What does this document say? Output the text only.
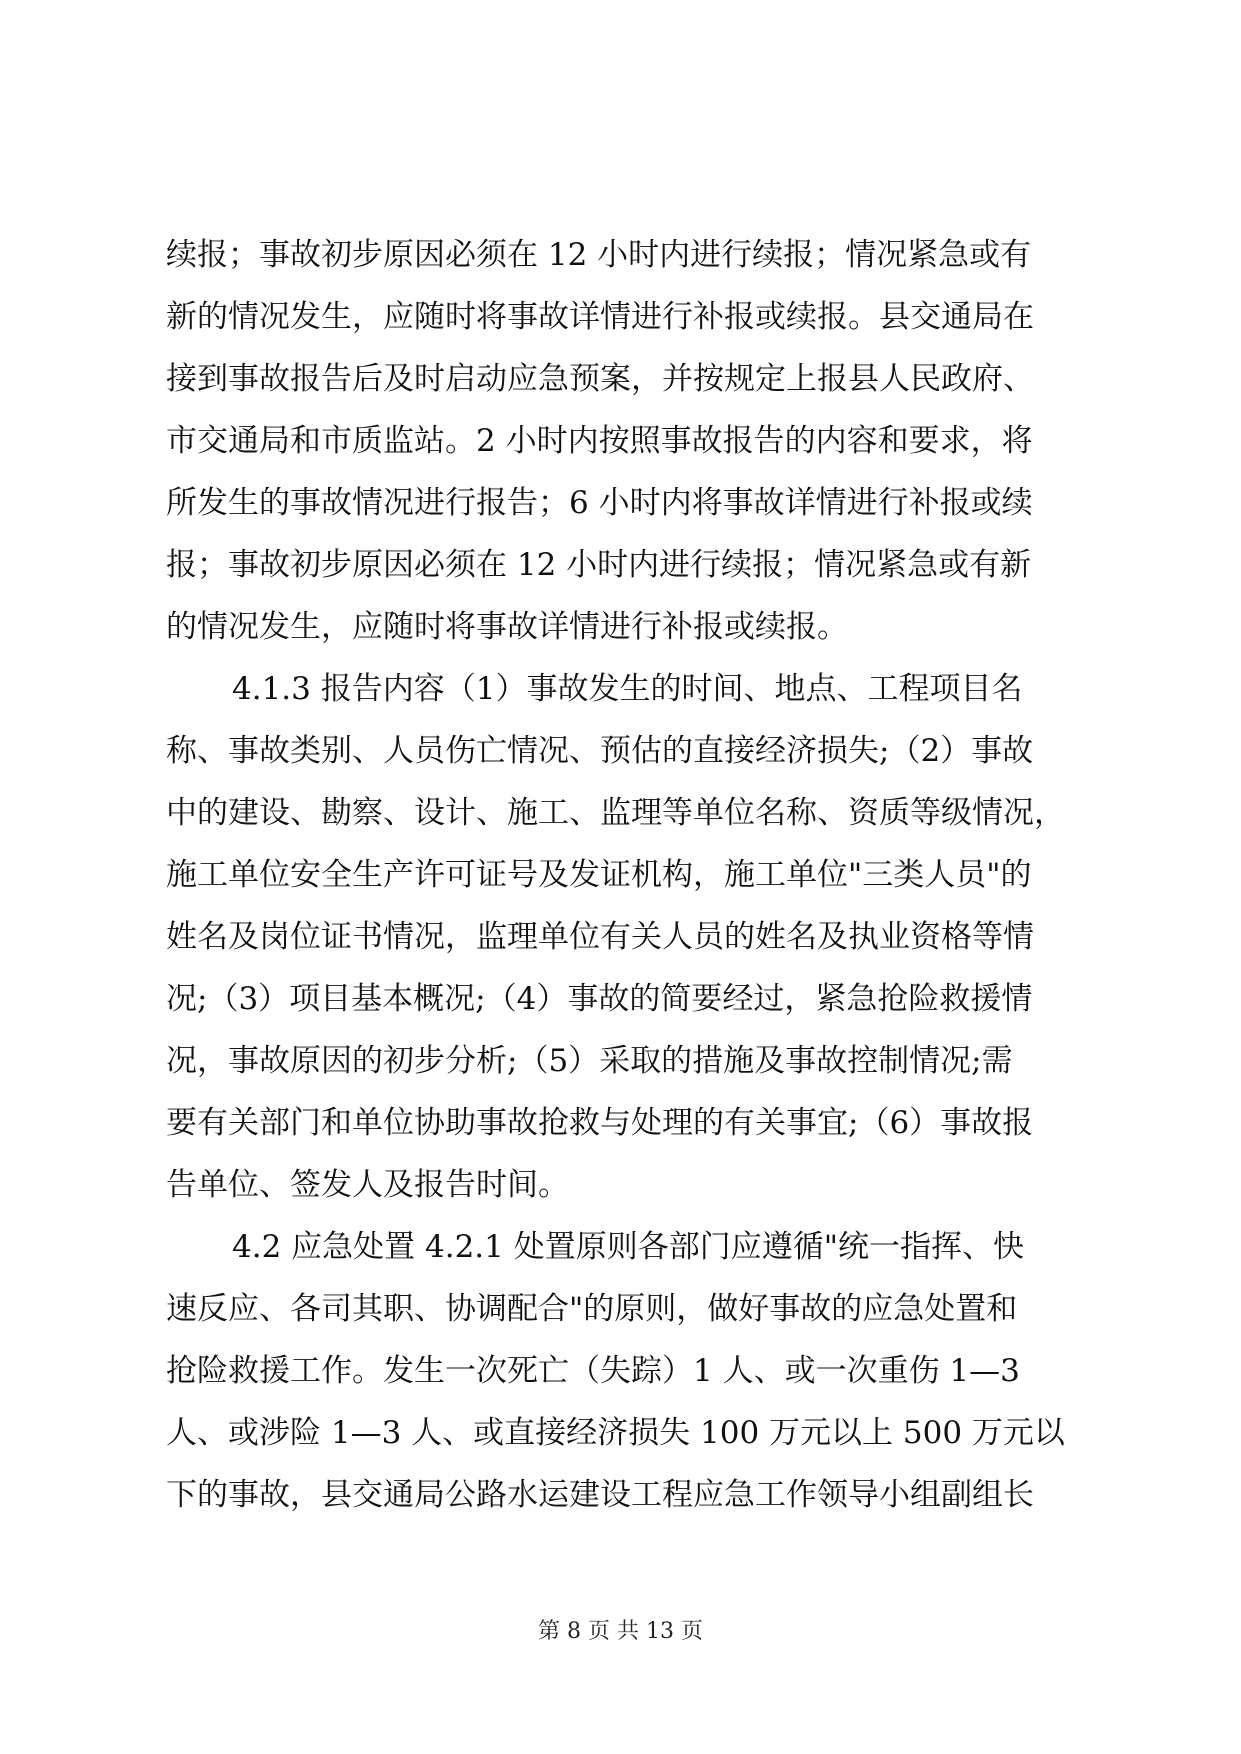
续报；事故初步原因必须在 12 小时内进行续报；情况紧急或有
新的情况发生，应随时将事故详情进行补报或续报。县交通局在
接到事故报告后及时启动应急预案，并按规定上报县人民政府、
市交通局和市质监站。2 小时内按照事故报告的内容和要求，将
所发生的事故情况进行报告；6 小时内将事故详情进行补报或续
报；事故初步原因必须在 12 小时内进行续报；情况紧急或有新
的情况发生，应随时将事故详情进行补报或续报。
4.1.3 报告内容（1）事故发生的时间、地点、工程项目名
称、事故类别、人员伤亡情况、预估的直接经济损失;（2）事故
中的建设、勘察、设计、施工、监理等单位名称、资质等级情况，
施工单位安全生产许可证号及发证机构，施工单位"三类人员"的
姓名及岗位证书情况，监理单位有关人员的姓名及执业资格等情
况;（3）项目基本概况;（4）事故的简要经过，紧急抢险救援情
况，事故原因的初步分析;（5）采取的措施及事故控制情况;需
要有关部门和单位协助事故抢救与处理的有关事宜;（6）事故报
告单位、签发人及报告时间。
4.2 应急处置 4.2.1 处置原则各部门应遵循"统一指挥、快
速反应、各司其职、协调配合"的原则，做好事故的应急处置和
抢险救援工作。发生一次死亡（失踪）1 人、或一次重伤 1—3
人、或涉险 1—3 人、或直接经济损失 100 万元以上 500 万元以
下的事故，县交通局公路水运建设工程应急工作领导小组副组长
第 8 页 共 13 页
